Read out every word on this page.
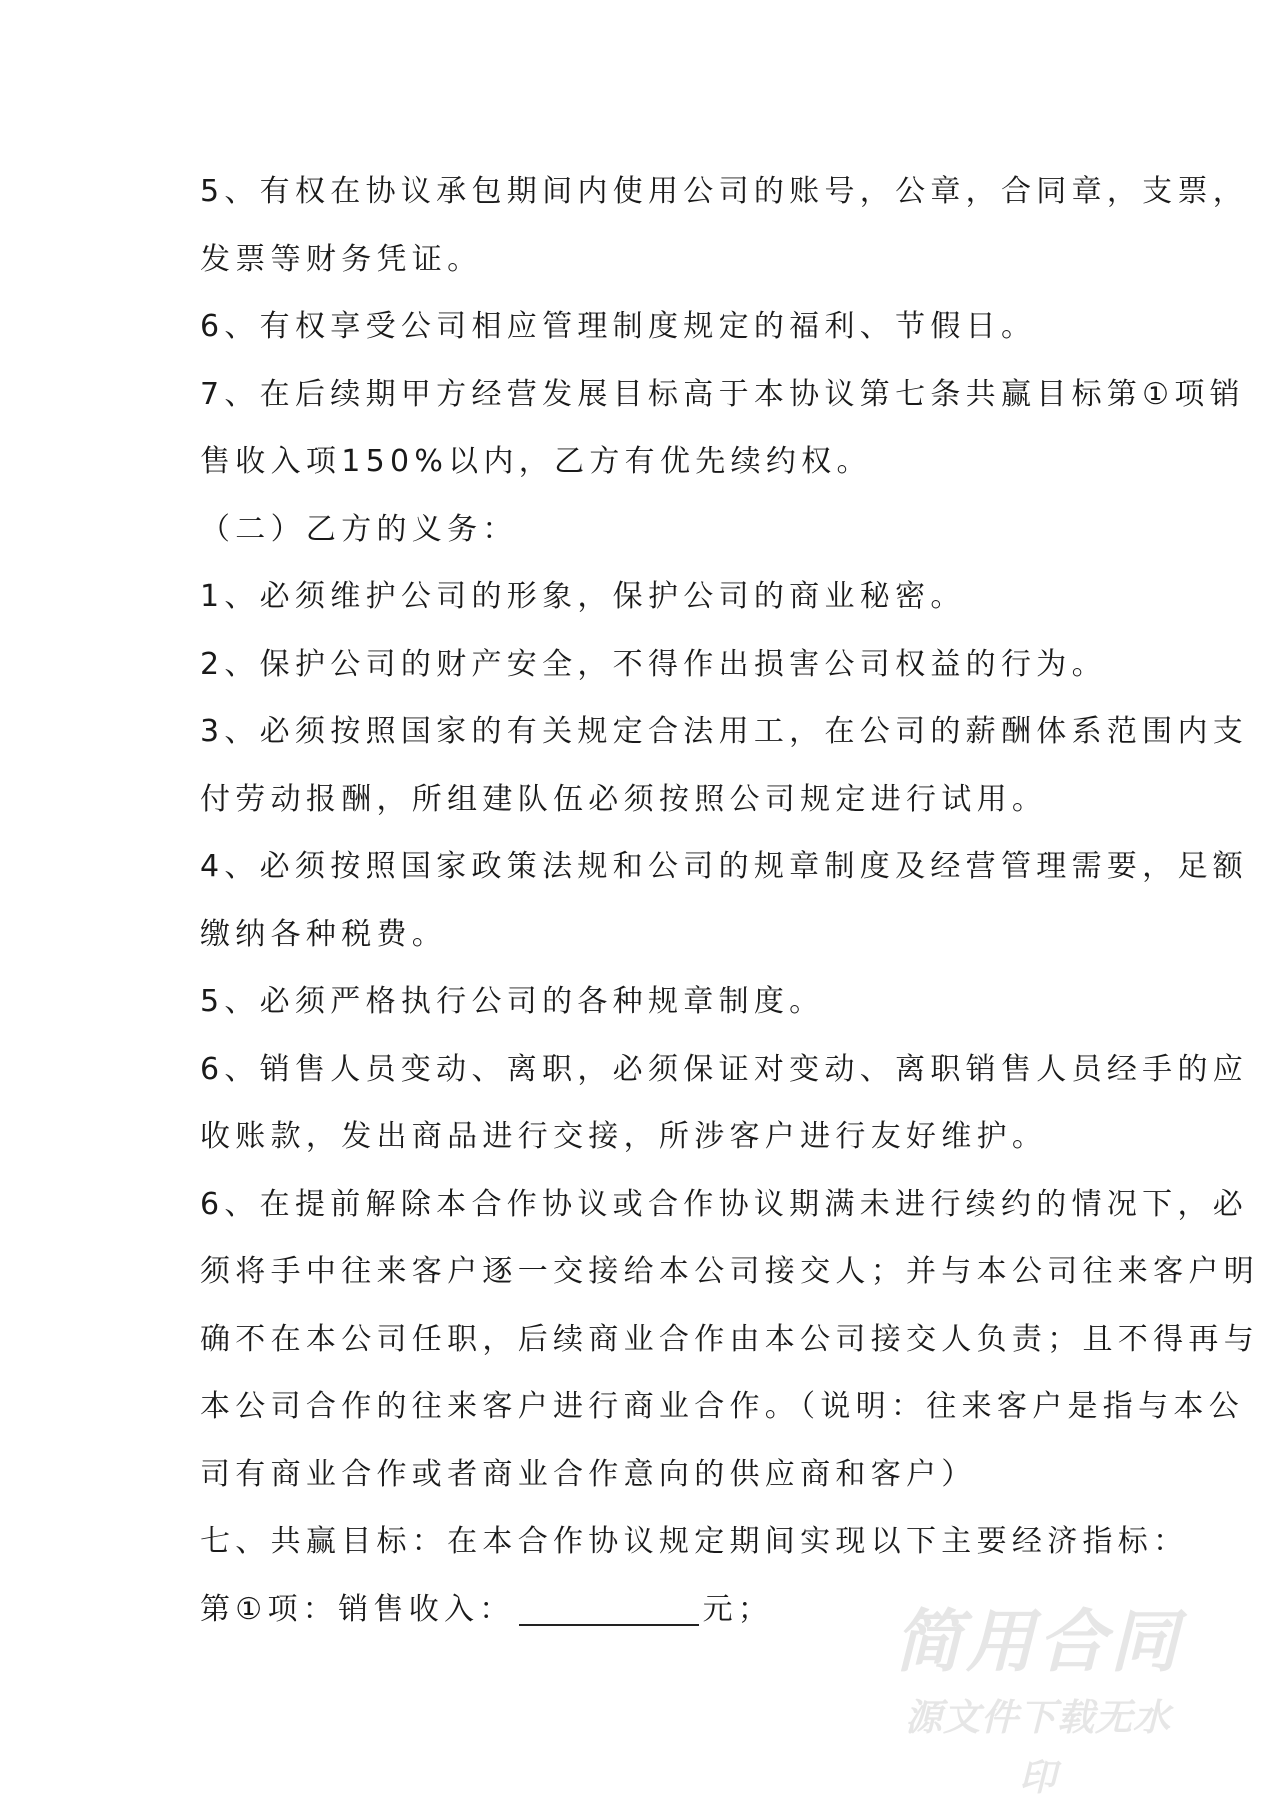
5、有权在协议承包期间内使用公司的账号，公章，合同章，支票，
发票等财务凭证。
6、有权享受公司相应管理制度规定的福利、节假日。
7、在后续期甲方经营发展目标高于本协议第七条共赢目标第①项销
售收入项150%以内，乙方有优先续约权。
（二）乙方的义务：
1、必须维护公司的形象，保护公司的商业秘密。
2、保护公司的财产安全，不得作出损害公司权益的行为。
3、必须按照国家的有关规定合法用工，在公司的薪酬体系范围内支
付劳动报酬，所组建队伍必须按照公司规定进行试用。
4、必须按照国家政策法规和公司的规章制度及经营管理需要，足额
缴纳各种税费。
5、必须严格执行公司的各种规章制度。
6、销售人员变动、离职，必须保证对变动、离职销售人员经手的应
收账款，发出商品进行交接，所涉客户进行友好维护。
6、在提前解除本合作协议或合作协议期满未进行续约的情况下，必
须将手中往来客户逐一交接给本公司接交人；并与本公司往来客户明
确不在本公司任职，后续商业合作由本公司接交人负责；且不得再与
本公司合作的往来客户进行商业合作。（说明：往来客户是指与本公
司有商业合作或者商业合作意向的供应商和客户）
七、共赢目标：在本合作协议规定期间实现以下主要经济指标：
第①项：销售收入：	元；	简用合同
源文件下载无水印
